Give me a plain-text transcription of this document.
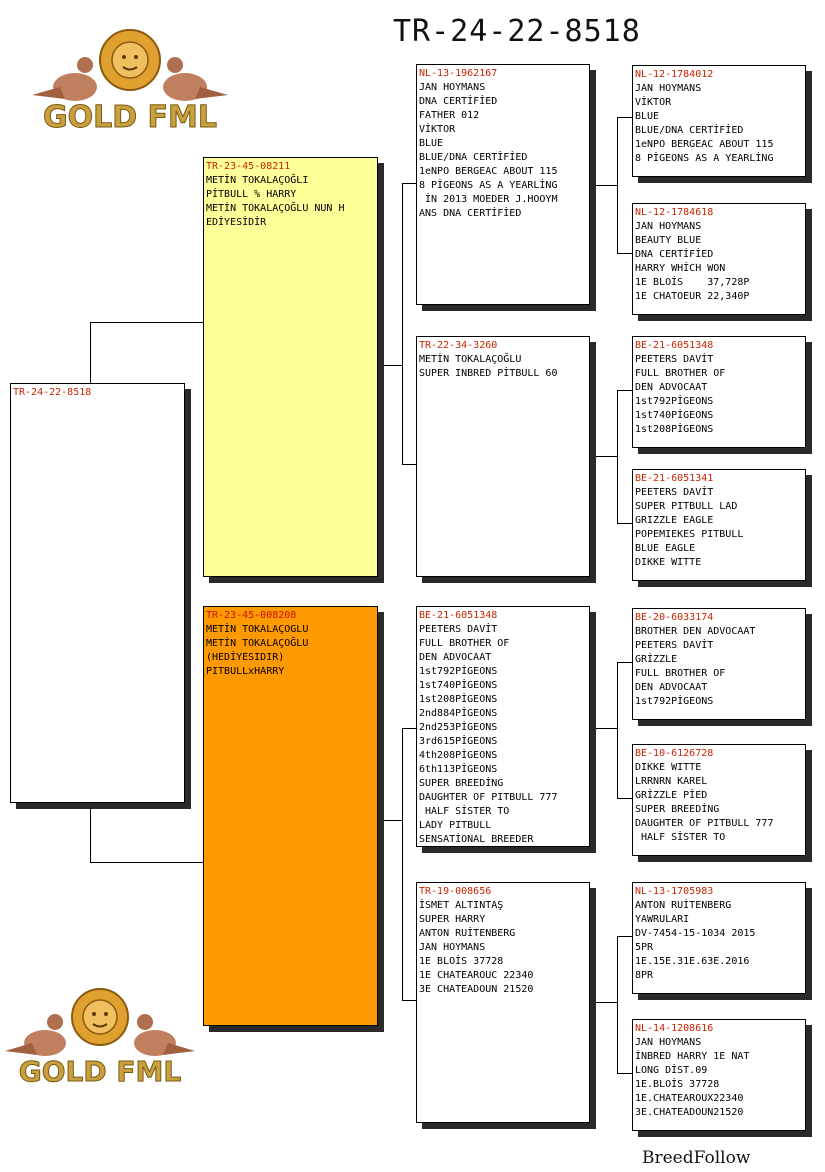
TR-24-22-8518
GOLD FML
GOLD FML
TR-24-22-8518
TR-23-45-08211
METİN TOKALAÇOĞLI
PİTBULL % HARRY
METİN TOKALAÇOĞLU NUN H
EDİYESİDİR
TR-23-45-008208
METİN TOKALAÇOGLU
METİN TOKALAÇOĞLU
(HEDİYESIDIR)
PITBULLxHARRY
NL-13-1962167
JAN HOYMANS
DNA CERTİFİED
FATHER 012
VİKTOR
BLUE
BLUE/DNA CERTİFİED
1eNPO BERGEAC ABOUT 115
8 PİGEONS AS A YEARLİNG
İN 2013 MOEDER J.HOOYM
ANS DNA CERTİFİED
TR-22-34-3260
METİN TOKALAÇOĞLU
SUPER INBRED PİTBULL 60
BE-21-6051348
PEETERS DAVİT
FULL BROTHER OF
DEN ADVOCAAT
1st792PİGEONS
1st740PİGEONS
1st208PİGEONS
2nd884PİGEONS
2nd253PİGEONS
3rd615PİGEONS
4th208PİGEONS
6th113PİGEONS
SUPER BREEDİNG
DAUGHTER OF PITBULL 777
HALF SİSTER TO
LADY PITBULL
SENSATİONAL BREEDER
TR-19-008656
İSMET ALTINTAŞ
SUPER HARRY
ANTON RUİTENBERG
JAN HOYMANS
1E BLOİS 37728
1E CHATEAROUC 22340
3E CHATEADOUN 21520
NL-12-1784012
JAN HOYMANS
VİKTOR
BLUE
BLUE/DNA CERTİFİED
1eNPO BERGEAC ABOUT 115
8 PİGEONS AS A YEARLİNG
NL-12-1784618
JAN HOYMANS
BEAUTY BLUE
DNA CERTİFİED
HARRY WHİCH WON
1E BLOİS    37,728P
1E CHATOEUR 22,340P
BE-21-6051348
PEETERS DAVİT
FULL BROTHER OF
DEN ADVOCAAT
1st792PİGEONS
1st740PİGEONS
1st208PİGEONS
BE-21-6051341
PEETERS DAVİT
SUPER PITBULL LAD
GRIZZLE EAGLE
POPEMIEKES PITBULL
BLUE EAGLE
DIKKE WITTE
BE-20-6033174
BROTHER DEN ADVOCAAT
PEETERS DAVİT
GRİZZLE
FULL BROTHER OF
DEN ADVOCAAT
1st792PİGEONS
BE-10-6126728
DIKKE WITTE
LRRNRN KAREL
GRİZZLE PİED
SUPER BREEDİNG
DAUGHTER OF PITBULL 777
HALF SİSTER TO
NL-13-1705983
ANTON RUİTENBERG
YAWRULARI
DV-7454-15-1034 2015
5PR
1E.15E.31E.63E.2016
8PR
NL-14-1208616
JAN HOYMANS
İNBRED HARRY 1E NAT
LONG DİST.09
1E.BLOİS 37728
1E.CHATEAROUX22340
3E.CHATEADOUN21520
BreedFollow
